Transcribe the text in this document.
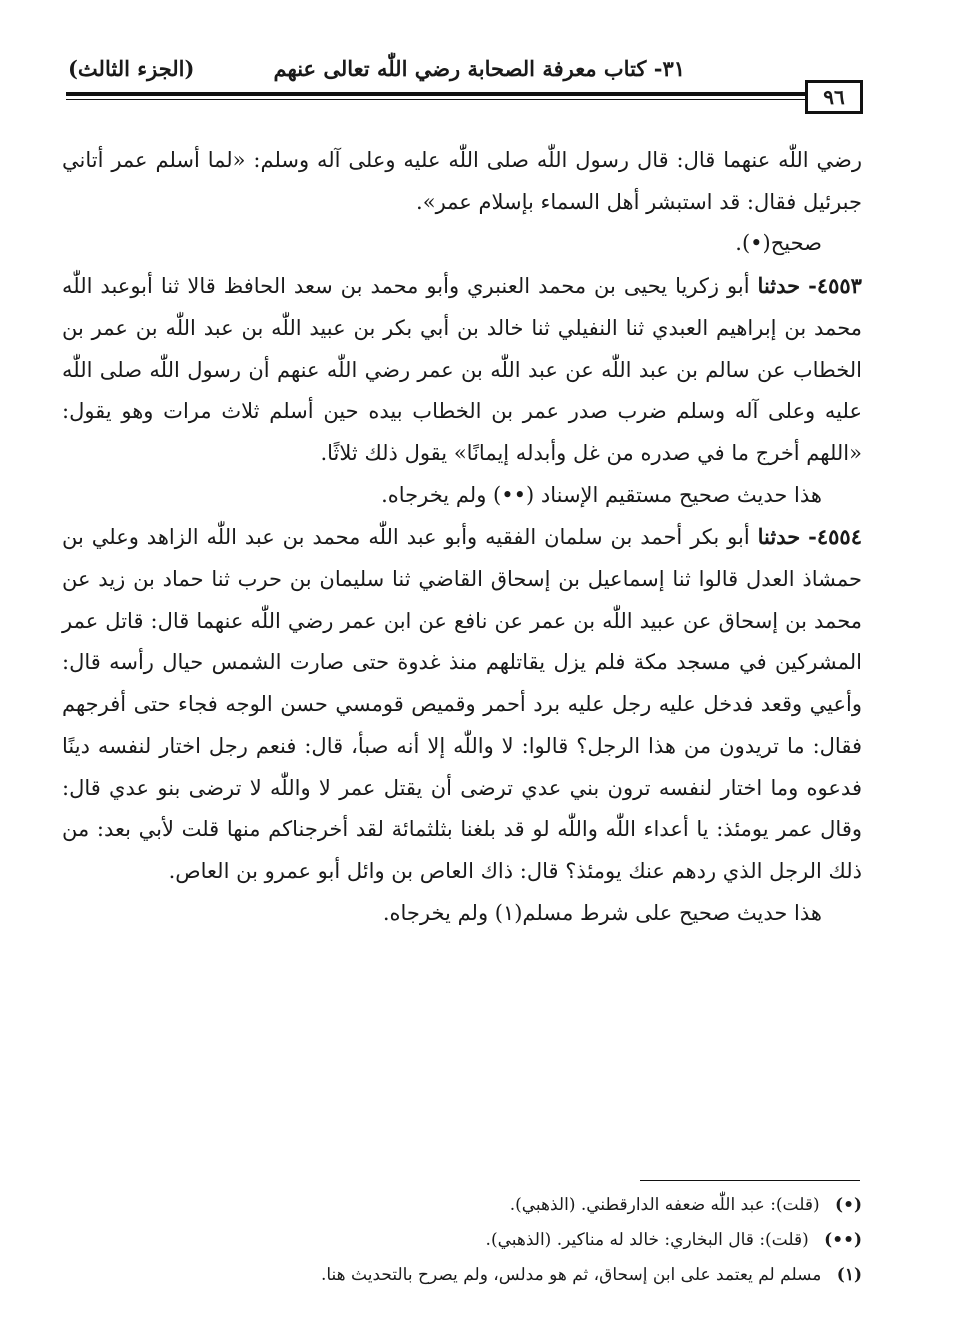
٣١- كتاب معرفة الصحابة رضي اللّٰه تعالى عنهم
(الجزء الثالث)
٩٦

رضي اللّٰه عنهما قال: قال رسول اللّٰه صلى اللّٰه عليه وعلى آله وسلم: «لما أسلم عمر أتاني جبرئيل فقال: قد استبشر أهل السماء بإسلام عمر».

صحيح(•).

٤٥٥٣- حدثنا أبو زكريا يحيى بن محمد العنبري وأبو محمد بن سعد الحافظ قالا ثنا أبوعبد اللّٰه محمد بن إبراهيم العبدي ثنا النفيلي ثنا خالد بن أبي بكر بن عبيد اللّٰه بن عبد اللّٰه بن عمر بن الخطاب عن سالم بن عبد اللّٰه عن عبد اللّٰه بن عمر رضي اللّٰه عنهم أن رسول اللّٰه صلى اللّٰه عليه وعلى آله وسلم ضرب صدر عمر بن الخطاب بيده حين أسلم ثلاث مرات وهو يقول: «اللهم أخرج ما في صدره من غل وأبدله إيمانًا» يقول ذلك ثلاثًا.

هذا حديث صحيح مستقيم الإسناد (••) ولم يخرجاه.

٤٥٥٤- حدثنا أبو بكر أحمد بن سلمان الفقيه وأبو عبد اللّٰه محمد بن عبد اللّٰه الزاهد وعلي بن حمشاذ العدل قالوا ثنا إسماعيل بن إسحاق القاضي ثنا سليمان بن حرب ثنا حماد بن زيد عن محمد بن إسحاق عن عبيد اللّٰه بن عمر عن نافع عن ابن عمر رضي اللّٰه عنهما قال: قاتل عمر المشركين في مسجد مكة فلم يزل يقاتلهم منذ غدوة حتى صارت الشمس حيال رأسه قال: وأعيي وقعد فدخل عليه رجل عليه برد أحمر وقميص قومسي حسن الوجه فجاء حتى أفرجهم فقال: ما تريدون من هذا الرجل؟ قالوا: لا واللّٰه إلا أنه صبأ، قال: فنعم رجل اختار لنفسه دينًا فدعوه وما اختار لنفسه ترون بني عدي ترضى أن يقتل عمر لا واللّٰه لا ترضى بنو عدي قال: وقال عمر يومئذ: يا أعداء اللّٰه واللّٰه لو قد بلغنا بثلثمائة لقد أخرجناكم منها قلت لأبي بعد: من ذلك الرجل الذي ردهم عنك يومئذ؟ قال: ذاك العاص بن وائل أبو عمرو بن العاص.

هذا حديث صحيح على شرط مسلم(١) ولم يخرجاه.

(•) (قلت): عبد اللّٰه ضعفه الدارقطني. (الذهبي).

(••) (قلت): قال البخاري: خالد له مناكير. (الذهبي).

(١) مسلم لم يعتمد على ابن إسحاق، ثم هو مدلس، ولم يصرح بالتحديث هنا.
